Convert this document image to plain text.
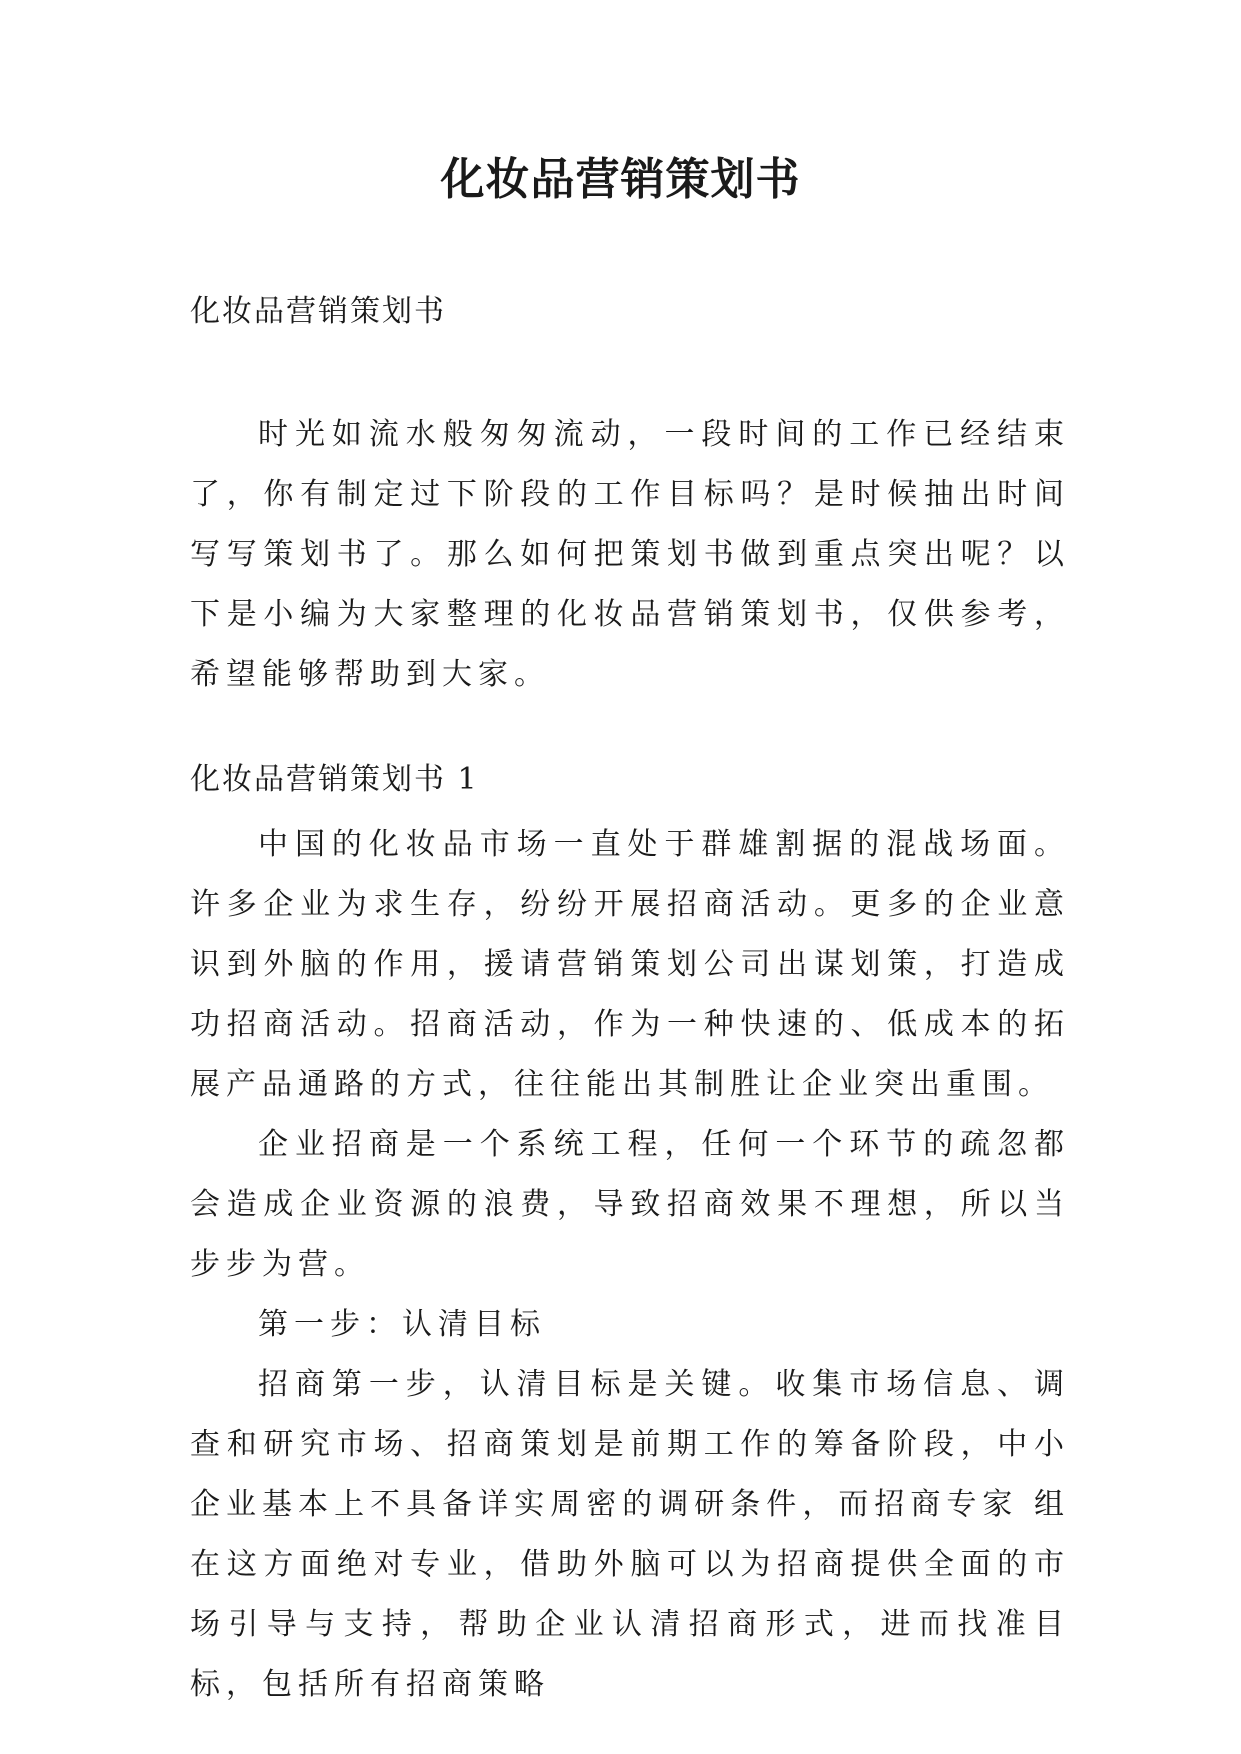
化妆品营销策划书
化妆品营销策划书

时光如流水般匆匆流动，一段时间的工作已经结束了，你有制定过下阶段的工作目标吗？是时候抽出时间写写策划书了。那么如何把策划书做到重点突出呢？以下是小编为大家整理的化妆品营销策划书，仅供参考，希望能够帮助到大家。

化妆品营销策划书 1

中国的化妆品市场一直处于群雄割据的混战场面。许多企业为求生存，纷纷开展招商活动。更多的企业意识到外脑的作用，援请营销策划公司出谋划策，打造成功招商活动。招商活动，作为一种快速的、低成本的拓展产品通路的方式，往往能出其制胜让企业突出重围。

企业招商是一个系统工程，任何一个环节的疏忽都会造成企业资源的浪费，导致招商效果不理想，所以当步步为营。

第一步：认清目标

招商第一步，认清目标是关键。收集市场信息、调查和研究市场、招商策划是前期工作的筹备阶段，中小企业基本上不具备详实周密的调研条件，而招商专家 组在这方面绝对专业，借助外脑可以为招商提供全面的市场引导与支持，帮助企业认清招商形式，进而找准目标，包括所有招商策略
